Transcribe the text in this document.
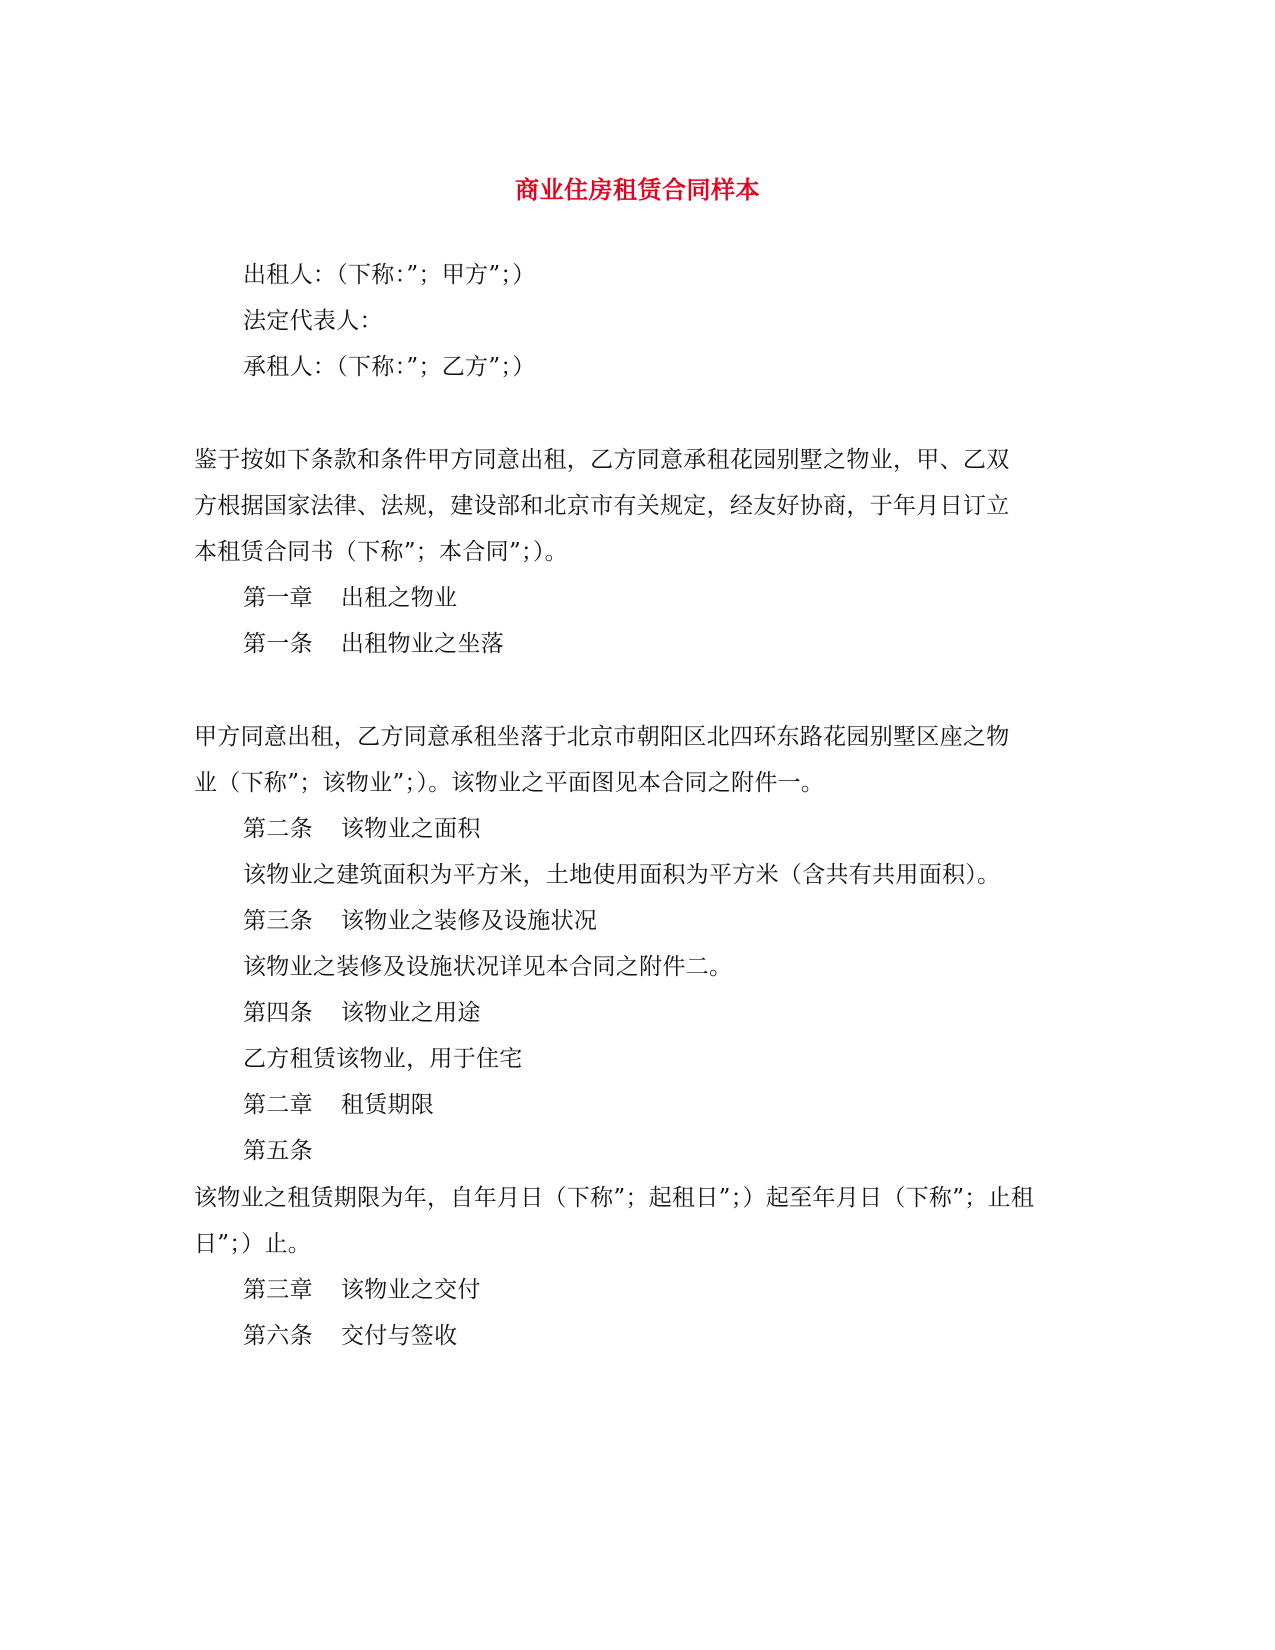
商业住房租赁合同样本
出租人：（下称：”；甲方”；）
法定代表人：
承租人：（下称：”；乙方”；）
鉴于按如下条款和条件甲方同意出租，乙方同意承租花园别墅之物业，甲、乙双
方根据国家法律、法规，建设部和北京市有关规定，经友好协商，于年月日订立
本租赁合同书（下称”；本合同”；）。
第一章 出租之物业
第一条 出租物业之坐落
甲方同意出租，乙方同意承租坐落于北京市朝阳区北四环东路花园别墅区座之物
业（下称”；该物业”；）。该物业之平面图见本合同之附件一。
第二条 该物业之面积
该物业之建筑面积为平方米，土地使用面积为平方米（含共有共用面积）。
第三条 该物业之装修及设施状况
该物业之装修及设施状况详见本合同之附件二。
第四条 该物业之用途
乙方租赁该物业，用于住宅
第二章 租赁期限
第五条
该物业之租赁期限为年，自年月日（下称”；起租日”；）起至年月日（下称”；止租
日”；）止。
第三章 该物业之交付
第六条 交付与签收
